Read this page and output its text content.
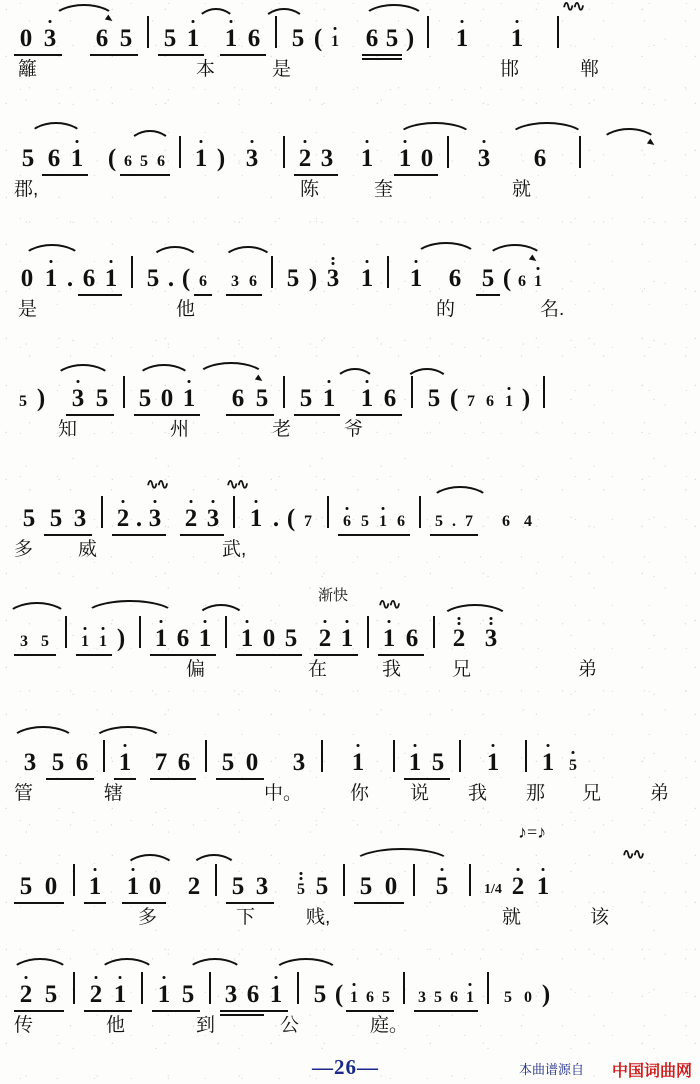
0 3 6 5 5 1 1 6 5 ( 1 6 5 )	1	1
∿∿
籬	本	是	邯	郸
5 6 1 ( 6 5 6 1 ) 3	2 3 1 1 0	3	6
郡,	陈	奎	就
0 1 . 6 1 5 . ( 6	3 6 5 ) 3 1	1	6 5 ( 6 1
是	他	的	名.
5 ) 3 5 5 0 1 6 5 5 1 1 6 5 ( 7 6 1 )
知	州	老	爷
5 5 3 2 . 3 2 3 1 . ( 7	6 5 1 6	5 . 7	6 4
∿∿	∿∿
多 威	武,
3 5	1 1 ) 1 6 1 1 0 5 2 1 1 6	2 3
∿∿
渐快
偏	在	我	兄	弟
3 5 6 1 7 6 5 0 3	1	1 5	1	1 5
管	辖	中。	你 说 我 那 兄	弟
5 0 1 1 0 2 5 3	5 5 5 0	5	1/4 2 1
∿∿
♪=♪
多	下	贱,	就	该
2 5 2 1 1 5 3 6 1 5 ( 1 6 5 3 5 6 1	5 0 )
传	他	到	公	庭。
—26—	本曲谱源自 中国词曲网
